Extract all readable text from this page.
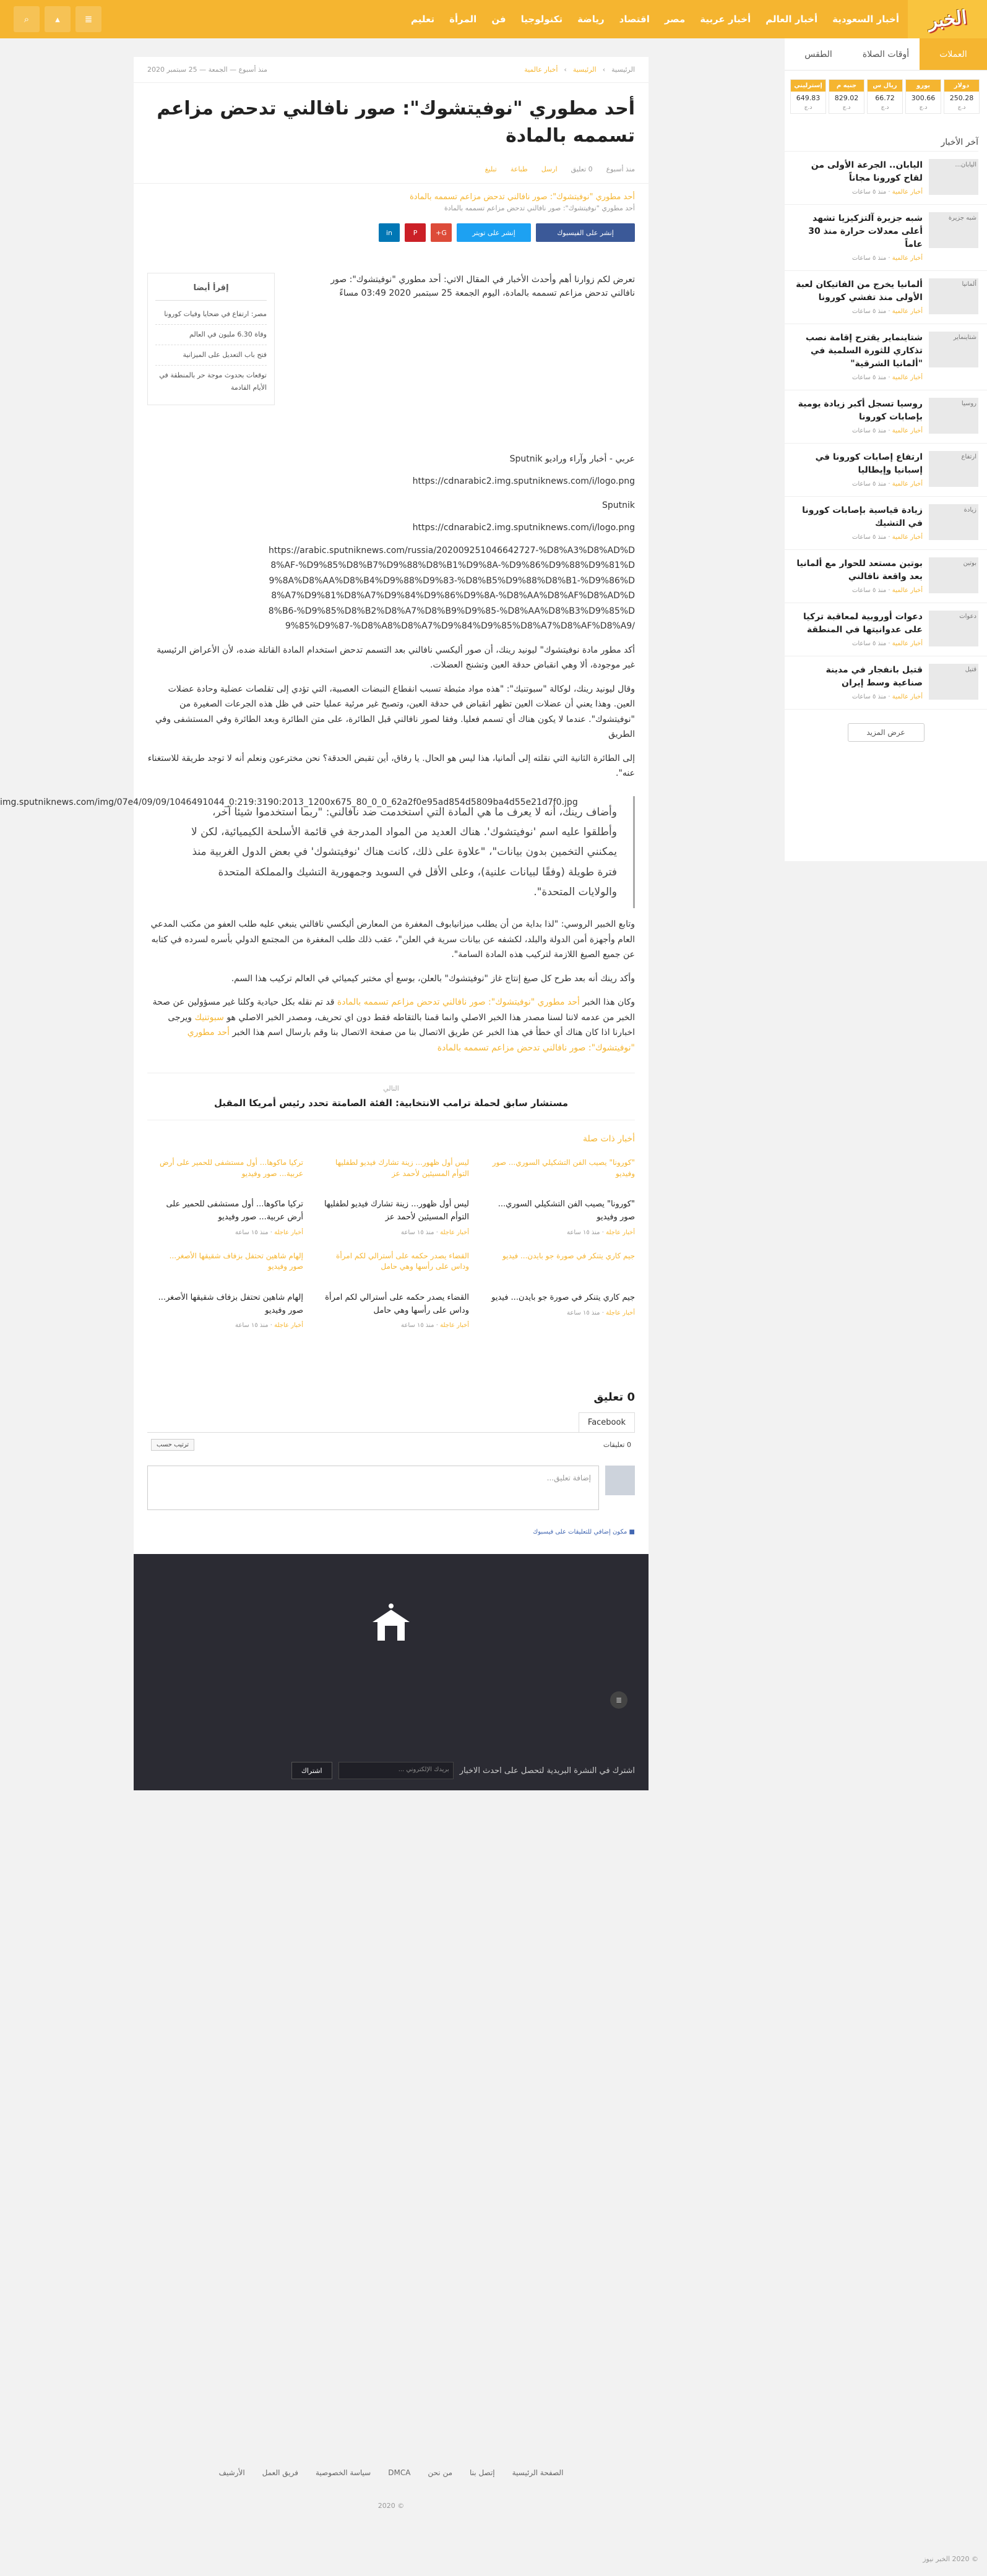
الخبر
أخبار السعودية
أخبار العالم
أخبار عربية
مصر
اقتصاد
رياضة
تكنولوجيا
فن
المرأة
تعليم
≣
▴
⌕
العملات
أوقات الصلاة
الطقس
دولار
250.28
د.ج
يورو
300.66
د.ج
ريال س
66.72
د.ج
جنيه م
829.02
د.ج
إسترليني
649.83
د.ج
آخر الأخبار
اليابان...
اليابان.. الجرعة الأولى من لقاح كورونا مجاناً
أخبار عالمية · منذ ٥ ساعات
شبه جزيرة
شبه جزيرة آلتزكيزيا تشهد أعلى معدلات حرارة منذ 30 عاماً
أخبار عالمية · منذ ٥ ساعات
ألمانيا
ألمانيا يخرج من الفاتيكان لعبة الأولى منذ تفشي كورونا
أخبار عالمية · منذ ٥ ساعات
شتاينماير
شتاينماير يقترح إقامة نصب تذكاري للثورة السلمية في "ألمانيا الشرقية"
أخبار عالمية · منذ ٥ ساعات
روسيا
روسيا تسجل أكبر زيادة يومية بإصابات كورونا
أخبار عالمية · منذ ٥ ساعات
ارتفاع
ارتفاع إصابات كورونا في إسبانيا وإيطاليا
أخبار عالمية · منذ ٥ ساعات
زيادة
زيادة قياسية بإصابات كورونا في التشيك
أخبار عالمية · منذ ٥ ساعات
بوتين
بوتين مستعد للحوار مع ألمانيا بعد واقعة نافالني
أخبار عالمية · منذ ٥ ساعات
دعوات
دعوات أوروبية لمعاقبة تركيا على عدوانيتها في المنطقة
أخبار عالمية · منذ ٥ ساعات
قتيل
قتيل بانفجار في مدينة صناعية وسط إيران
أخبار عالمية · منذ ٥ ساعات
عرض المزيد
الرئيسية
›
الرئيسية
›
أخبار عالمية
منذ أسبوع — الجمعة — 25 سبتمبر 2020
أحد مطوري "نوفيتشوك": صور نافالني تدحض مزاعم تسممه بالمادة
منذ أسبوع
0 تعليق
ارسل
طباعة
تبليغ
أحد مطوري "نوفيتشوك": صور نافالني تدحض مزاعم تسممه بالمادة
أحد مطوري "نوفيتشوك": صور نافالني تدحض مزاعم تسممه بالمادة
إنشر على الفيسبوك
إنشر على تويتر
G+
P
in
تعرض لكم زوارنا أهم وأحدث الأخبار في المقال الاتي: أحد مطوري "نوفيتشوك": صور نافالني تدحض مزاعم تسممه بالمادة، اليوم الجمعة 25 سبتمبر 2020 03:49 مساءً
إقرأ أيضا
مصر: ارتفاع في ضحايا وفيات كورونا
وفاة 6.30 مليون في العالم
فتح باب التعديل على الميزانية
توقعات بحدوث موجة حر بالمنطقة في الأيام القادمة
img.sputniknews.com/img/07e4/09/09/1046491044_0:219:3190:2013_1200x675_80_0_0_62a2f0e95ad854d5809ba4d55e21d7f0.jpg
عربي - أخبار وآراء وراديو Sputnik
https://cdnarabic2.img.sputniknews.com/i/logo.png
Sputnik
https://cdnarabic2.img.sputniknews.com/i/logo.png
https://arabic.sputniknews.com/russia/202009251046642727-%D8%A3%D8%AD%D8%AF-%D9%85%D8%B7%D9%88%D8%B1%D9%8A-%D9%86%D9%88%D9%81%D9%8A%D8%AA%D8%B4%D9%88%D9%83-%D8%B5%D9%88%D8%B1-%D9%86%D8%A7%D9%81%D8%A7%D9%84%D9%86%D9%8A-%D8%AA%D8%AF%D8%AD%D8%B6-%D9%85%D8%B2%D8%A7%D8%B9%D9%85-%D8%AA%D8%B3%D9%85%D9%85%D9%87-%D8%A8%D8%A7%D9%84%D9%85%D8%A7%D8%AF%D8%A9/

أكد مطور مادة نوفيتشوك" ليونيد رينك، أن صور أليكسي نافالني بعد التسمم تدحض استخدام المادة القاتلة ضده، لأن الأعراض الرئيسية غير موجودة، ألا وهي انقباض حدقة العين وتشنج العضلات.

وقال ليونيد رينك، لوكالة "سبوتنيك": "هذه مواد مثبطة تسبب انقطاع النبضات العصبية، التي تؤدي إلى تقلصات عضلية وحادة عضلات العين. وهذا يعني أن عضلات العين تظهر انقباض في حدقة العين، وتصبح غير مرئية عمليا حتى في ظل هذه الجرعات الصغيرة من "نوفيتشوك". عندما لا يكون هناك أي تسمم فعليا. وفقا لصور نافالني قبل الطائرة، على متن الطائرة وبعد الطائرة وفي المستشفى وفي الطريق

إلى الطائرة الثانية التي نقلته إلى ألمانيا، هذا ليس هو الحال. يا رفاق، أين تقبض الحدقة؟ نحن مخترعون ونعلم أنه لا توجد طريقة للاستغناء عنه".

وأضاف رينك، أنه لا يعرف ما هي المادة التي استخدمت ضد نافالني: "ربما استخدموا شيئا آخر، وأطلقوا عليه اسم 'نوفيتشوك'. هناك العديد من المواد المدرجة في قائمة الأسلحة الكيميائية، لكن لا يمكنني التخمين بدون بيانات"، "علاوة على ذلك، كانت هناك 'نوفيتشوك' في بعض الدول الغربية منذ فترة طويلة (وفقًا لبيانات علنية)، وعلى الأقل في السويد وجمهورية التشيك والمملكة المتحدة والولايات المتحدة".

وتابع الخبير الروسي: "لذا بداية من أن يطلب ميزانيابوف المغفرة من المعارض أليكسي نافالني ينبغي عليه طلب العفو من مكتب المدعي العام وأجهزة أمن الدولة والبلد، لكشفه عن بيانات سرية في العلن"، عقب ذلك طلب المغفرة من المجتمع الدولي بأسره لسرده في كتابه عن جميع الصيغ اللازمة لتركيب هذه المادة السامة".

وأكد رينك أنه بعد طرح كل صيغ إنتاج غاز "نوفيتشوك" بالعلن، بوسع أي مختبر كيميائي في العالم تركيب هذا السم.

وكان هذا الخبر أحد مطوري "نوفيتشوك": صور نافالني تدحض مزاعم تسممه بالمادة قد تم نقله بكل حيادية وكلنا غير مسؤولين عن صحة الخبر من عدمه لاننا لسنا مصدر هذا الخبر الاصلي وانما قمنا بالتقاطه فقط دون اي تحريف، ومصدر الخبر الاصلي هو سبوتنيك ويرجى اخبارنا اذا كان هناك أي خطأ في هذا الخبر عن طريق الاتصال بنا من صفحة الاتصال بنا وقم بارسال اسم هذا الخبر أحد مطوري "نوفيتشوك": صور نافالني تدحض مزاعم تسممه بالمادة

التالي
مستشار سابق لحملة ترامب الانتخابية: الفئة الصامتة تحدد رئيس أمريكا المقبل
أخبار ذات صلة
"كورونا" يصيب الفن التشكيلي السوري... صور وفيديو
"كورونا" يصيب الفن التشكيلي السوري... صور وفيديو
أخبار عاجلة · منذ ١٥ ساعة
ليس أول ظهور... زينة تشارك فيديو لطفليها التوأم المسيئين لأحمد عز
ليس أول ظهور... زينة تشارك فيديو لطفليها التوأم المسيئين لأحمد عز
أخبار عاجلة · منذ ١٥ ساعة
تركيا ماكوها... أول مستشفى للحمير على أرض عربية... صور وفيديو
تركيا ماكوها... أول مستشفى للحمير على أرض عربية... صور وفيديو
أخبار عاجلة · منذ ١٥ ساعة
جيم كاري يتنكر في صورة جو بايدن... فيديو
جيم كاري يتنكر في صورة جو بايدن... فيديو
أخبار عاجلة · منذ ١٥ ساعة
القضاء يصدر حكمه على أسترالي لكم امرأة وداس على رأسها وهي حامل
القضاء يصدر حكمه على أسترالي لكم امرأة وداس على رأسها وهي حامل
أخبار عاجلة · منذ ١٥ ساعة
إلهام شاهين تحتفل بزفاف شقيقها الأصغر... صور وفيديو
إلهام شاهين تحتفل بزفاف شقيقها الأصغر... صور وفيديو
أخبار عاجلة · منذ ١٥ ساعة
0 تعليق
Facebook
0 تعليقات
ترتيب حسب
إضافة تعليق...
■ مكون إضافي للتعليقات على فيسبوك
≣
اشترك في النشرة البريدية لتحصل على احدث الاخبار
بريدك الإلكتروني ...
اشتراك
الصفحة الرئيسية
إتصل بنا
من نحن
DMCA
سياسة الخصوصية
فريق العمل
الأرشيف
© 2020
© 2020 الخبر نيوز
